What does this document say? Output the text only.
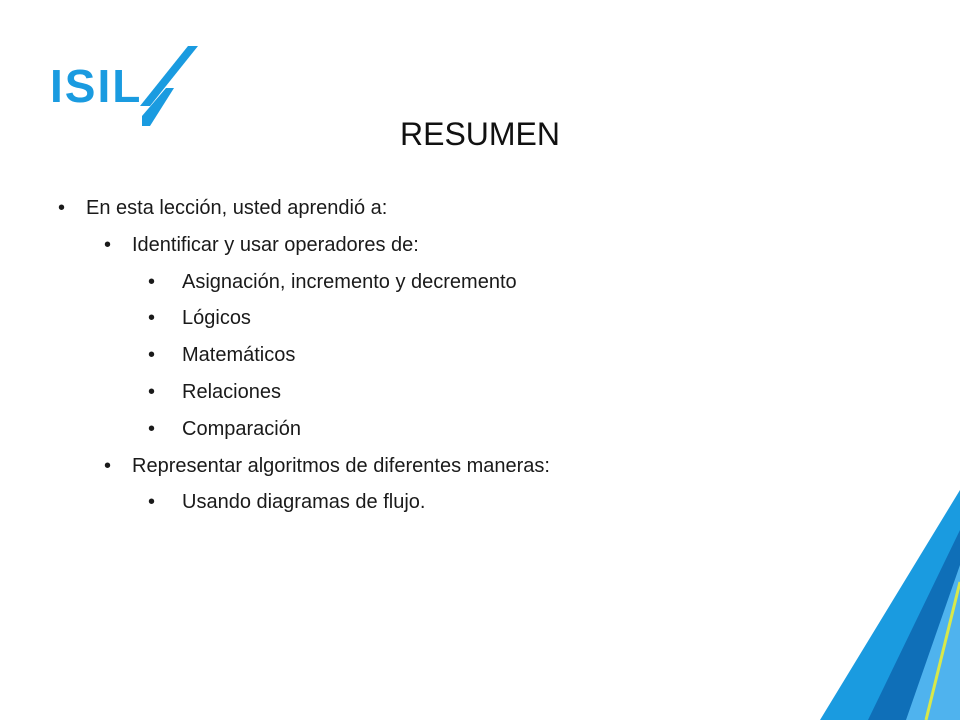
ISIL
RESUMEN
• En esta lección, usted aprendió a:
• Identificar y usar operadores de:
• Asignación, incremento y decremento
• Lógicos
• Matemáticos
• Relaciones
• Comparación
• Representar algoritmos de diferentes maneras:
• Usando diagramas de flujo.
